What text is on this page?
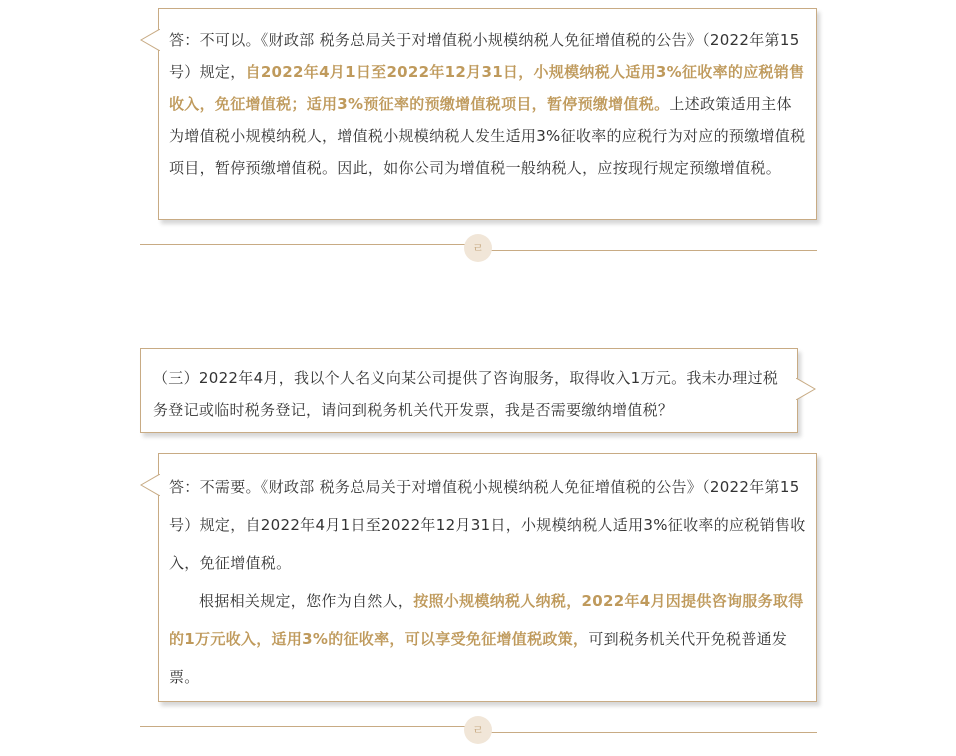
答：不可以。《财政部 税务总局关于对增值税小规模纳税人免征增值税的公告》（2022年第15号）规定，自2022年4月1日至2022年12月31日，小规模纳税人适用3%征收率的应税销售收入，免征增值税；适用3%预征率的预缴增值税项目，暂停预缴增值税。上述政策适用主体为增值税小规模纳税人，增值税小规模纳税人发生适用3%征收率的应税行为对应的预缴增值税项目，暂停预缴增值税。因此，如你公司为增值税一般纳税人，应按现行规定预缴增值税。

ㄹ

（三）2022年4月，我以个人名义向某公司提供了咨询服务，取得收入1万元。我未办理过税务登记或临时税务登记，请问到税务机关代开发票，我是否需要缴纳增值税？

答：不需要。《财政部 税务总局关于对增值税小规模纳税人免征增值税的公告》（2022年第15号）规定，自2022年4月1日至2022年12月31日，小规模纳税人适用3%征收率的应税销售收入，免征增值税。

根据相关规定，您作为自然人，按照小规模纳税人纳税，2022年4月因提供咨询服务取得的1万元收入，适用3%的征收率，可以享受免征增值税政策，可到税务机关代开免税普通发票。

ㄹ
